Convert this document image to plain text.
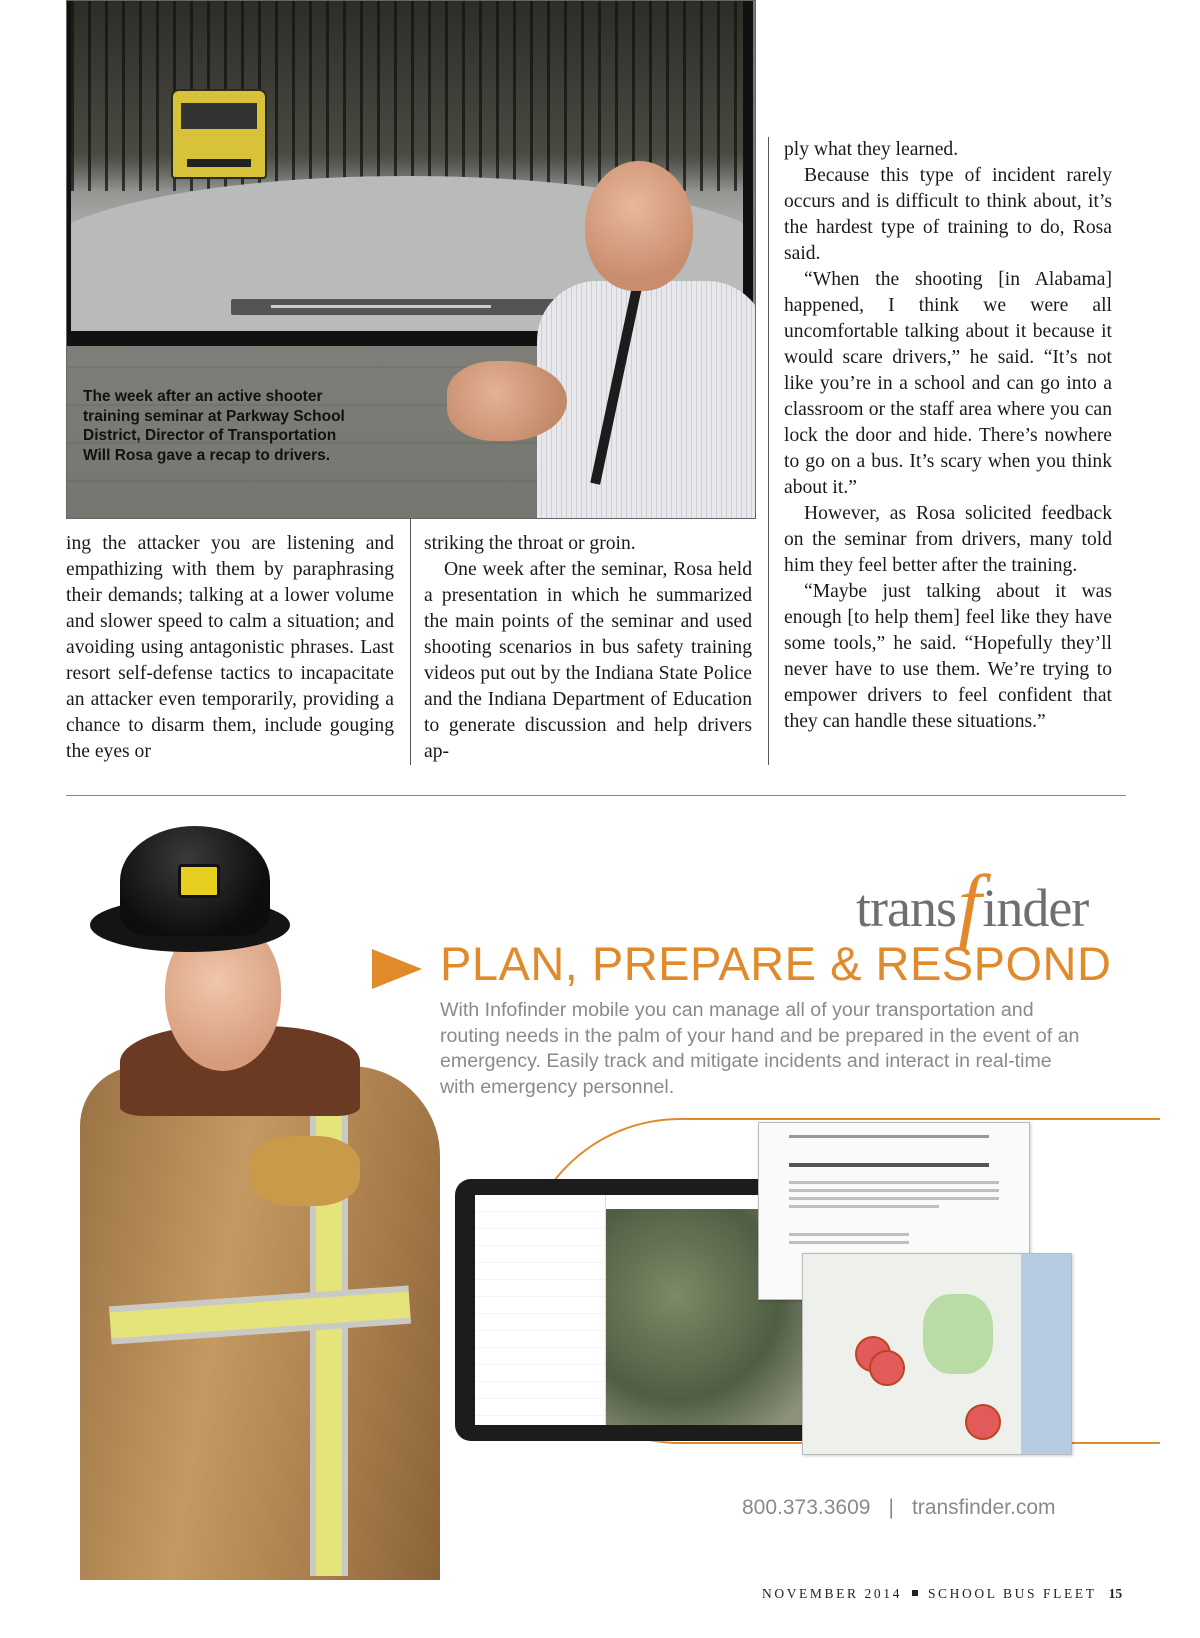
The week after an active shooter training seminar at Parkway School District, Director of Transportation Will Rosa gave a recap to drivers.

ply what they learned.

Because this type of incident rarely occurs and is difficult to think about, it’s the hardest type of training to do, Rosa said.

“When the shooting [in Alabama] happened, I think we were all uncomfortable talking about it because it would scare drivers,” he said. “It’s not like you’re in a school and can go into a classroom or the staff area where you can lock the door and hide. There’s nowhere to go on a bus. It’s scary when you think about it.”

However, as Rosa solicited feedback on the seminar from drivers, many told him they feel better after the training.

“Maybe just talking about it was enough [to help them] feel like they have some tools,” he said. “Hopefully they’ll never have to use them. We’re trying to empower drivers to feel confident that they can handle these situations.”

ing the attacker you are listening and empathizing with them by paraphrasing their demands; talking at a lower volume and slower speed to calm a situation; and avoiding using antagonistic phrases. Last resort self-defense tactics to incapacitate an attacker even temporarily, providing a chance to disarm them, include gouging the eyes or

striking the throat or groin.

One week after the seminar, Rosa held a presentation in which he summarized the main points of the seminar and used shooting scenarios in bus safety training videos put out by the Indiana State Police and the Indiana Department of Education to generate discussion and help drivers ap-

transfinder
PLAN, PREPARE & RESPOND
With Infofinder mobile you can manage all of your transportation and routing needs in the palm of your hand and be prepared in the event of an emergency. Easily track and mitigate incidents and interact in real-time with emergency personnel.
800.373.3609 | transfinder.com
NOVEMBER 2014 SCHOOL BUS FLEET 15
